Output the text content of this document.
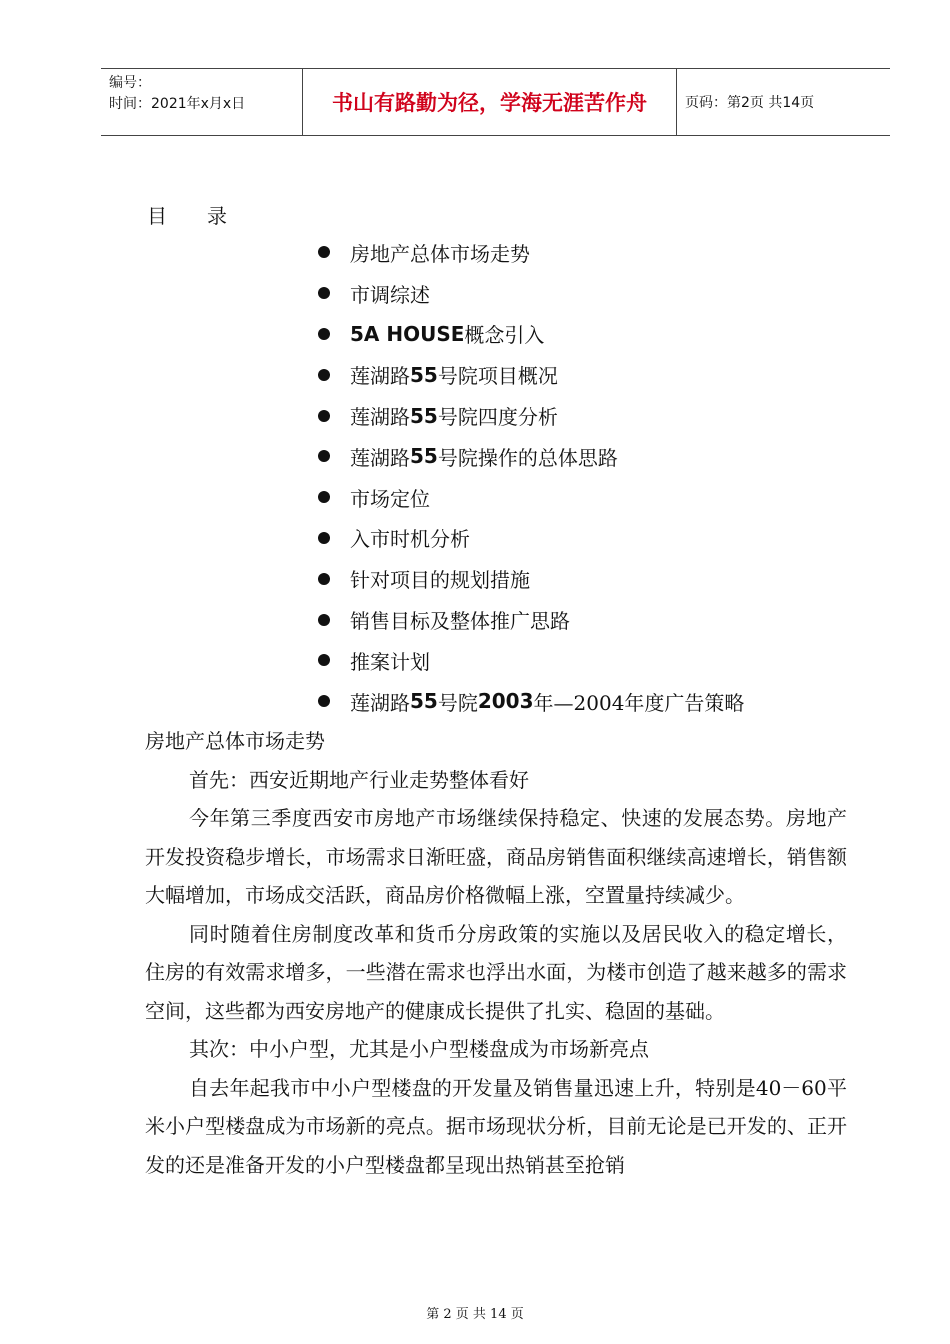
编号：
时间：2021年x月x日	书山有路勤为径，学海无涯苦作舟	页码：第2页 共14页
目录
房地产总体市场走势
市调综述
5A HOUSE 概念引入
莲湖路 55 号院项目概况
莲湖路 55 号院四度分析
莲湖路 55 号院操作的总体思路
市场定位
入市时机分析
针对项目的规划措施
销售目标及整体推广思路
推案计划
莲湖路 55 号院 2003 年—2004年度广告策略

房地产总体市场走势

首先：西安近期地产行业走势整体看好

今年第三季度西安市房地产市场继续保持稳定、快速的发展态势。房地产开发投资稳步增长，市场需求日渐旺盛，商品房销售面积继续高速增长，销售额大幅增加，市场成交活跃，商品房价格微幅上涨，空置量持续减少。

同时随着住房制度改革和货币分房政策的实施以及居民收入的稳定增长，住房的有效需求增多，一些潜在需求也浮出水面，为楼市创造了越来越多的需求空间，这些都为西安房地产的健康成长提供了扎实、稳固的基础。

其次：中小户型，尤其是小户型楼盘成为市场新亮点

自去年起我市中小户型楼盘的开发量及销售量迅速上升，特别是40－60平米小户型楼盘成为市场新的亮点。据市场现状分析，目前无论是已开发的、正开发的还是准备开发的小户型楼盘都呈现出热销甚至抢销

第 2 页 共 14 页
